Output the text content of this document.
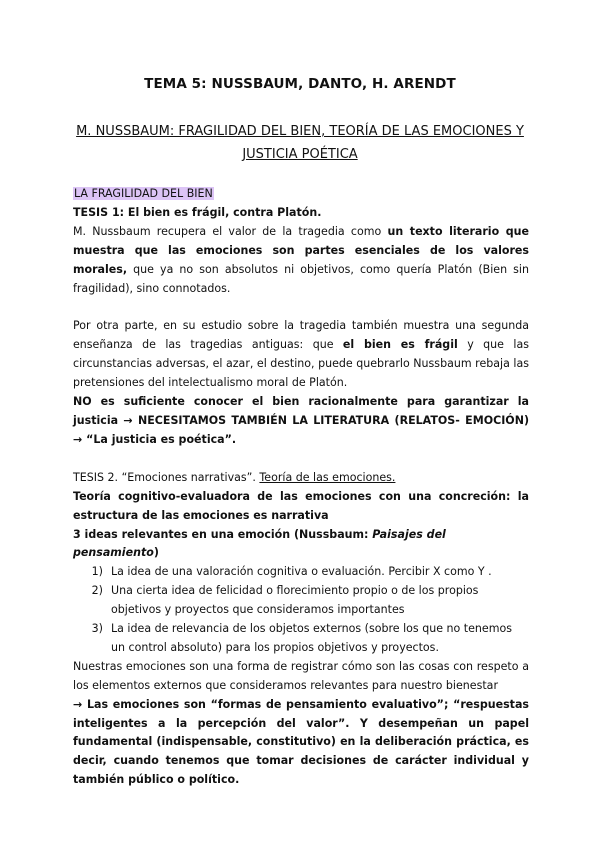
TEMA 5: NUSSBAUM, DANTO, H. ARENDT
M. NUSSBAUM: FRAGILIDAD DEL BIEN, TEORÍA DE LAS EMOCIONES Y JUSTICIA POÉTICA

LA FRAGILIDAD DEL BIEN

TESIS 1: El bien es frágil, contra Platón.

M. Nussbaum recupera el valor de la tragedia como un texto literario que muestra que las emociones son partes esenciales de los valores morales, que ya no son absolutos ni objetivos, como quería Platón (Bien sin fragilidad), sino connotados.

Por otra parte, en su estudio sobre la tragedia también muestra una segunda enseñanza de las tragedias antiguas: que el bien es frágil y que las circunstancias adversas, el azar, el destino, puede quebrarlo Nussbaum rebaja las pretensiones del intelectualismo moral de Platón.

NO es suficiente conocer el bien racionalmente para garantizar la justicia → NECESITAMOS TAMBIÉN LA LITERATURA (RELATOS- EMOCIÓN) → “La justicia es poética”.

TESIS 2. “Emociones narrativas”. Teoría de las emociones.

Teoría cognitivo-evaluadora de las emociones con una concreción: la estructura de las emociones es narrativa

3 ideas relevantes en una emoción (Nussbaum: Paisajes del pensamiento)

1) La idea de una valoración cognitiva o evaluación. Percibir X como Y .
2) Una cierta idea de felicidad o florecimiento propio o de los propios objetivos y proyectos que consideramos importantes
3) La idea de relevancia de los objetos externos (sobre los que no tenemos un control absoluto) para los propios objetivos y proyectos.

Nuestras emociones son una forma de registrar cómo son las cosas con respeto a los elementos externos que consideramos relevantes para nuestro bienestar

→ Las emociones son “formas de pensamiento evaluativo”; “respuestas inteligentes a la percepción del valor”. Y desempeñan un papel fundamental (indispensable, constitutivo) en la deliberación práctica, es decir, cuando tenemos que tomar decisiones de carácter individual y también público o político.
